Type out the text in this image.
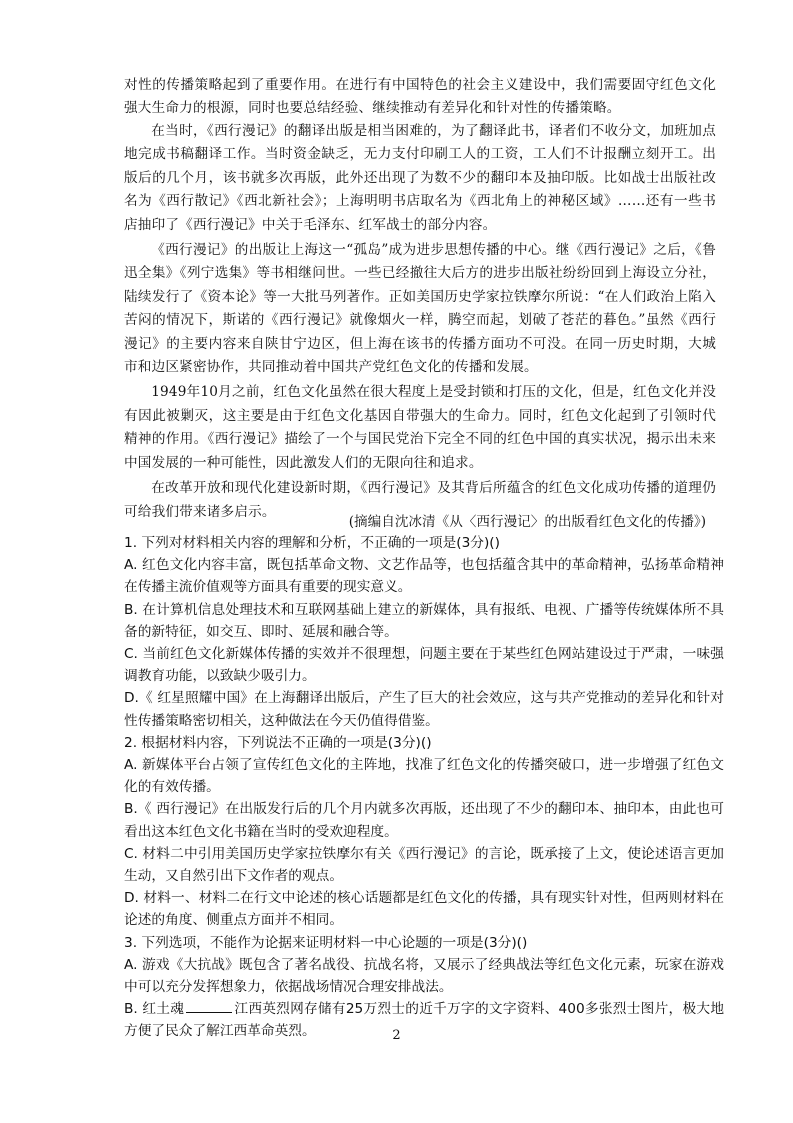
对性的传播策略起到了重要作用。在进行有中国特色的社会主义建设中，我们需要固守红色文化强大生命力的根源，同时也要总结经验、继续推动有差异化和针对性的传播策略。

在当时，《西行漫记》的翻译出版是相当困难的，为了翻译此书，译者们不收分文，加班加点地完成书稿翻译工作。当时资金缺乏，无力支付印刷工人的工资，工人们不计报酬立刻开工。出版后的几个月，该书就多次再版，此外还出现了为数不少的翻印本及抽印版。比如战士出版社改名为《西行散记》《西北新社会》；上海明明书店取名为《西北角上的神秘区域》……还有一些书店抽印了《西行漫记》中关于毛泽东、红军战士的部分内容。

《西行漫记》的出版让上海这一“孤岛”成为进步思想传播的中心。继《西行漫记》之后，《鲁迅全集》《列宁选集》等书相继问世。一些已经撤往大后方的进步出版社纷纷回到上海设立分社，陆续发行了《资本论》等一大批马列著作。正如美国历史学家拉铁摩尔所说：“在人们政治上陷入苦闷的情况下，斯诺的《西行漫记》就像烟火一样，腾空而起，划破了苍茫的暮色。”虽然《西行漫记》的主要内容来自陕甘宁边区，但上海在该书的传播方面功不可没。在同一历史时期，大城市和边区紧密协作，共同推动着中国共产党红色文化的传播和发展。

1949年10月之前，红色文化虽然在很大程度上是受封锁和打压的文化，但是，红色文化并没有因此被剿灭，这主要是由于红色文化基因自带强大的生命力。同时，红色文化起到了引领时代精神的作用。《西行漫记》描绘了一个与国民党治下完全不同的红色中国的真实状况，揭示出未来中国发展的一种可能性，因此激发人们的无限向往和追求。

在改革开放和现代化建设新时期，《西行漫记》及其背后所蕴含的红色文化成功传播的道理仍可给我们带来诸多启示。

(摘编自沈冰清《从〈西行漫记〉的出版看红色文化的传播》)

1. 下列对材料相关内容的理解和分析，不正确的一项是(3分)()

A. 红色文化内容丰富，既包括革命文物、文艺作品等，也包括蕴含其中的革命精神，弘扬革命精神在传播主流价值观等方面具有重要的现实意义。

B. 在计算机信息处理技术和互联网基础上建立的新媒体，具有报纸、电视、广播等传统媒体所不具备的新特征，如交互、即时、延展和融合等。

C. 当前红色文化新媒体传播的实效并不很理想，问题主要在于某些红色网站建设过于严肃，一味强调教育功能，以致缺少吸引力。

D.《 红星照耀中国》在上海翻译出版后，产生了巨大的社会效应，这与共产党推动的差异化和针对性传播策略密切相关，这种做法在今天仍值得借鉴。

2. 根据材料内容，下列说法不正确的一项是(3分)()

A. 新媒体平台占领了宣传红色文化的主阵地，找准了红色文化的传播突破口，进一步增强了红色文化的有效传播。

B.《 西行漫记》在出版发行后的几个月内就多次再版，还出现了不少的翻印本、抽印本，由此也可看出这本红色文化书籍在当时的受欢迎程度。

C. 材料二中引用美国历史学家拉铁摩尔有关《西行漫记》的言论，既承接了上文，使论述语言更加生动，又自然引出下文作者的观点。

D. 材料一、材料二在行文中论述的核心话题都是红色文化的传播，具有现实针对性，但两则材料在论述的角度、侧重点方面并不相同。

3. 下列选项，不能作为论据来证明材料一中心论题的一项是(3分)()

A. 游戏《大抗战》既包含了著名战役、抗战名将，又展示了经典战法等红色文化元素，玩家在游戏中可以充分发挥想象力，依据战场情况合理安排战法。

B. 红土魂	江西英烈网存储有25万烈士的近千万字的文字资料、400多张烈士图片，极大地方便了民众了解江西革命英烈。	2
